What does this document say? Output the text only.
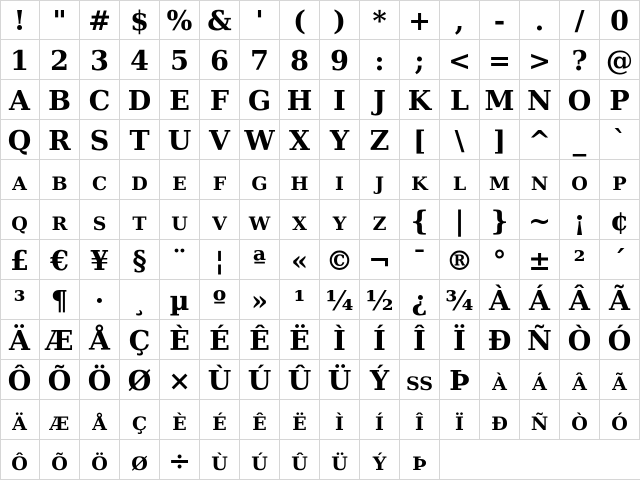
!	" # $ % & '	(	) * + ,	-	.	/ 0
1 2 3 4 5 6 7 8 9 :	; < = > ? @
A B C D E F G H I	J K L M N O P
Q R S T U V W X Y Z [	\	] ^ _ `
a b c d e f g h i	j	k l m n o p
q r s t u v w x y z { | } ~ ¡ ¢
£ € ¥ § ¨	¦	ª « © ¬ ¯ ® ° ± ²	´
³ ¶ ·	¸ µ º » ¹ ¼ ½ ¿ ¾ À Á Â Ã
Ä Æ Å Ç È É Ê Ë Ì	Í	Î	Ï Ð Ñ Ò Ó
Ô Õ Ö Ø × Ù Ú Û Ü Ý ss Þ à á â ã
ä æ å ç è é ê ë	ì	í	î	ï	ð ñ ò ó
ô õ ö ø ÷ ù ú û ü ý þ
